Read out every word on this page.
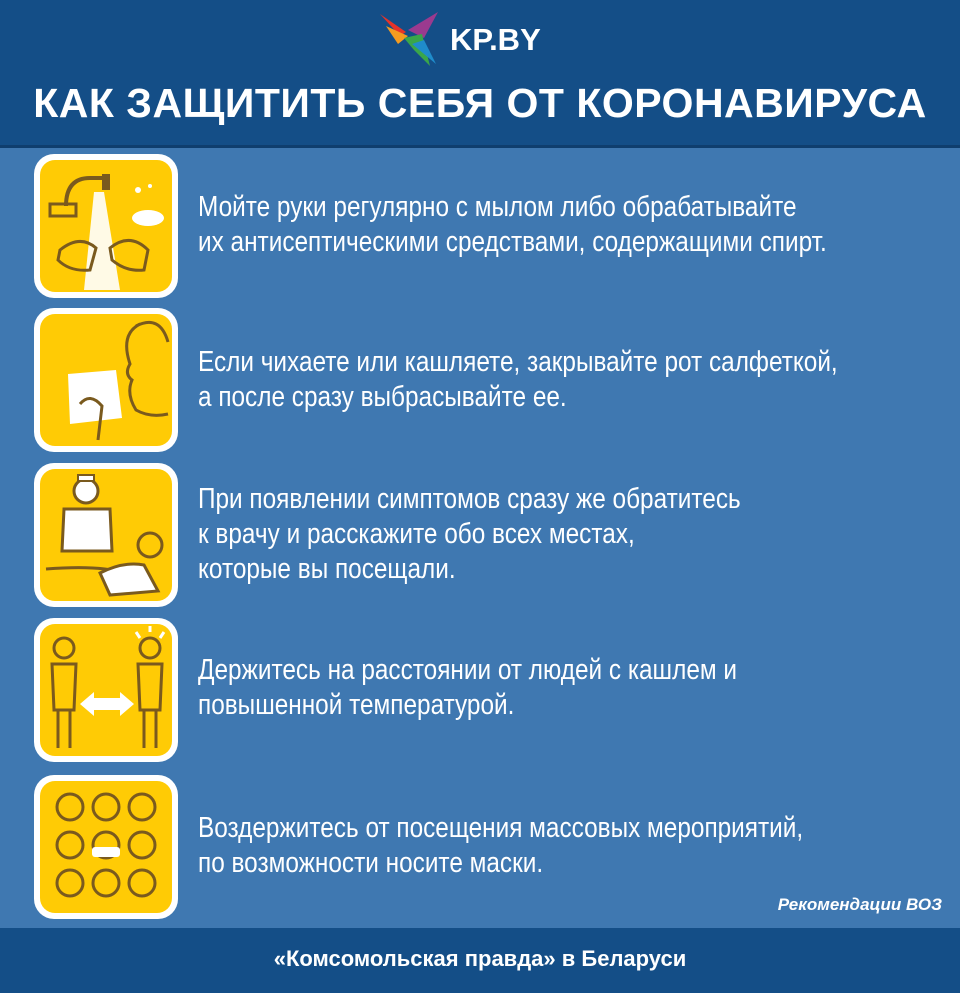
KP.BY
КАК ЗАЩИТИТЬ СЕБЯ ОТ КОРОНАВИРУСА
Мойте руки регулярно с мылом либо обрабатывайте
их антисептическими средствами, содержащими спирт.
Если чихаете или кашляете, закрывайте рот салфеткой,
а после сразу выбрасывайте ее.
При появлении симптомов сразу же обратитесь
к врачу и расскажите обо всех местах,
которые вы посещали.
Держитесь на расстоянии от людей с кашлем и
повышенной температурой.
Воздержитесь от посещения массовых мероприятий,
по возможности носите маски.
Рекомендации ВОЗ
«Комсомольская правда» в Беларуси
